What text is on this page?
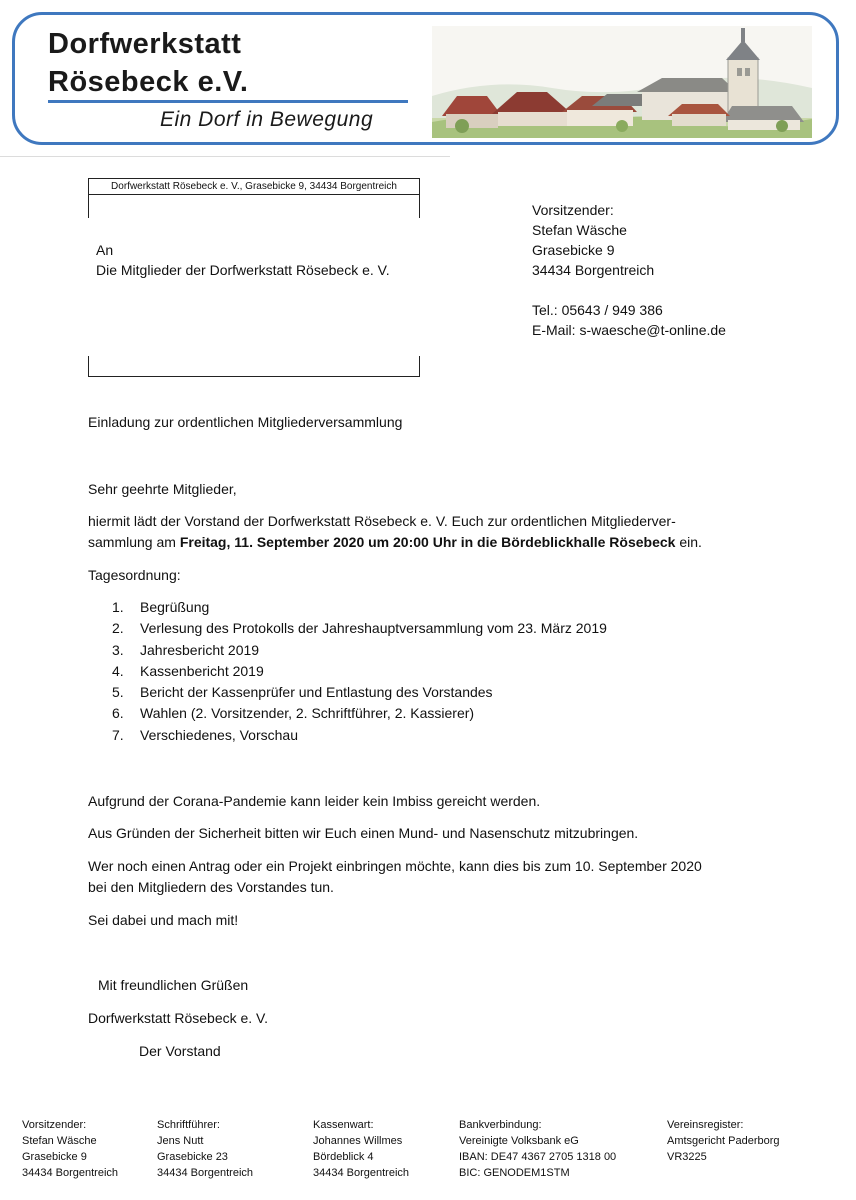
Dorfwerkstatt
Rösebeck e.V.
Ein Dorf in Bewegung
Dorfwerkstatt Rösebeck e. V., Grasebicke 9, 34434 Borgentreich
An
Die Mitglieder der Dorfwerkstatt Rösebeck e. V.
Vorsitzender:
Stefan Wäsche
Grasebicke 9
34434 Borgentreich
Tel.: 05643 / 949 386
E-Mail: s-waesche@t-online.de
Einladung zur ordentlichen Mitgliederversammlung
Sehr geehrte Mitglieder,
hiermit lädt der Vorstand der Dorfwerkstatt Rösebeck e. V. Euch zur ordentlichen Mitgliederver-
sammlung am Freitag, 11. September 2020 um 20:00 Uhr in die Bördeblickhalle Rösebeck ein.
Tagesordnung:
1.	Begrüßung
2.	Verlesung des Protokolls der Jahreshauptversammlung vom 23. März 2019
3.	Jahresbericht 2019
4.	Kassenbericht 2019
5.	Bericht der Kassenprüfer und Entlastung des Vorstandes
6.	Wahlen (2. Vorsitzender, 2. Schriftführer, 2. Kassierer)
7.	Verschiedenes, Vorschau
Aufgrund der Corana-Pandemie kann leider kein Imbiss gereicht werden.
Aus Gründen der Sicherheit bitten wir Euch einen Mund- und Nasenschutz mitzubringen.
Wer noch einen Antrag oder ein Projekt einbringen möchte, kann dies bis zum 10. September 2020
bei den Mitgliedern des Vorstandes tun.
Sei dabei und mach mit!
Mit freundlichen Grüßen
Dorfwerkstatt Rösebeck e. V.
Der Vorstand
Vorsitzender:
Stefan Wäsche
Grasebicke 9
34434 Borgentreich
Schriftführer:
Jens Nutt
Grasebicke 23
34434 Borgentreich
Kassenwart:
Johannes Willmes
Bördeblick 4
34434 Borgentreich
Bankverbindung:
Vereinigte Volksbank eG
IBAN: DE47 4367 2705 1318 00
BIC: GENODEM1STM
Vereinsregister:
Amtsgericht Paderborg
VR3225
